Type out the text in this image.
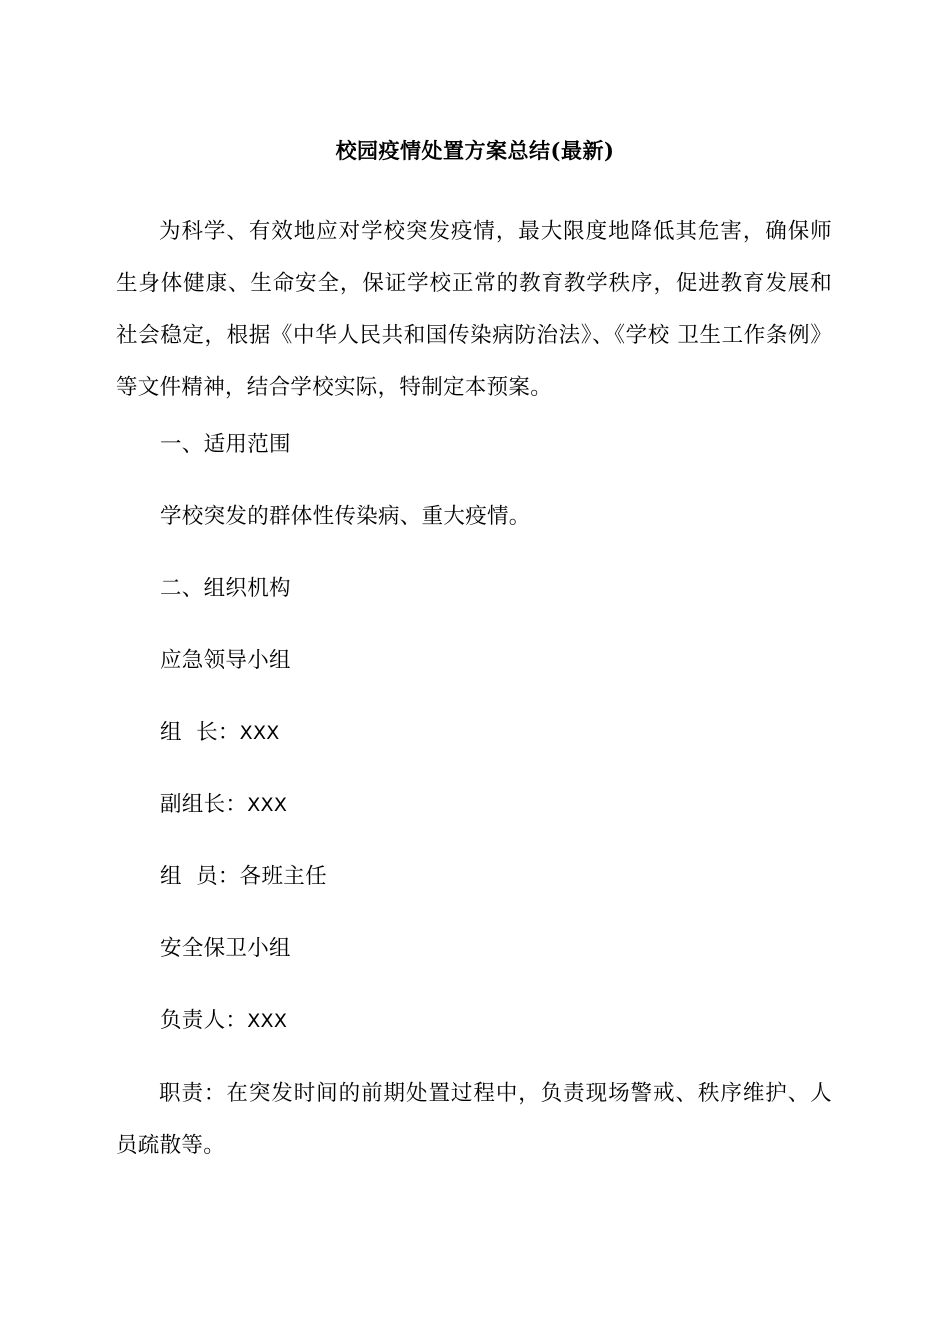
校园疫情处置方案总结(最新)
为科学、有效地应对学校突发疫情，最大限度地降低其危害，确保师生身体健康、生命安全，保证学校正常的教育教学秩序，促进教育发展和社会稳定，根据《中华人民共和国传染病防治法》、《学校 卫生工作条例》等文件精神，结合学校实际，特制定本预案。
一、适用范围
学校突发的群体性传染病、重大疫情。
二、组织机构
应急领导小组
组  长：XXX
副组长：XXX
组  员：各班主任
安全保卫小组
负责人：XXX
职责：在突发时间的前期处置过程中，负责现场警戒、秩序维护、人员疏散等。
